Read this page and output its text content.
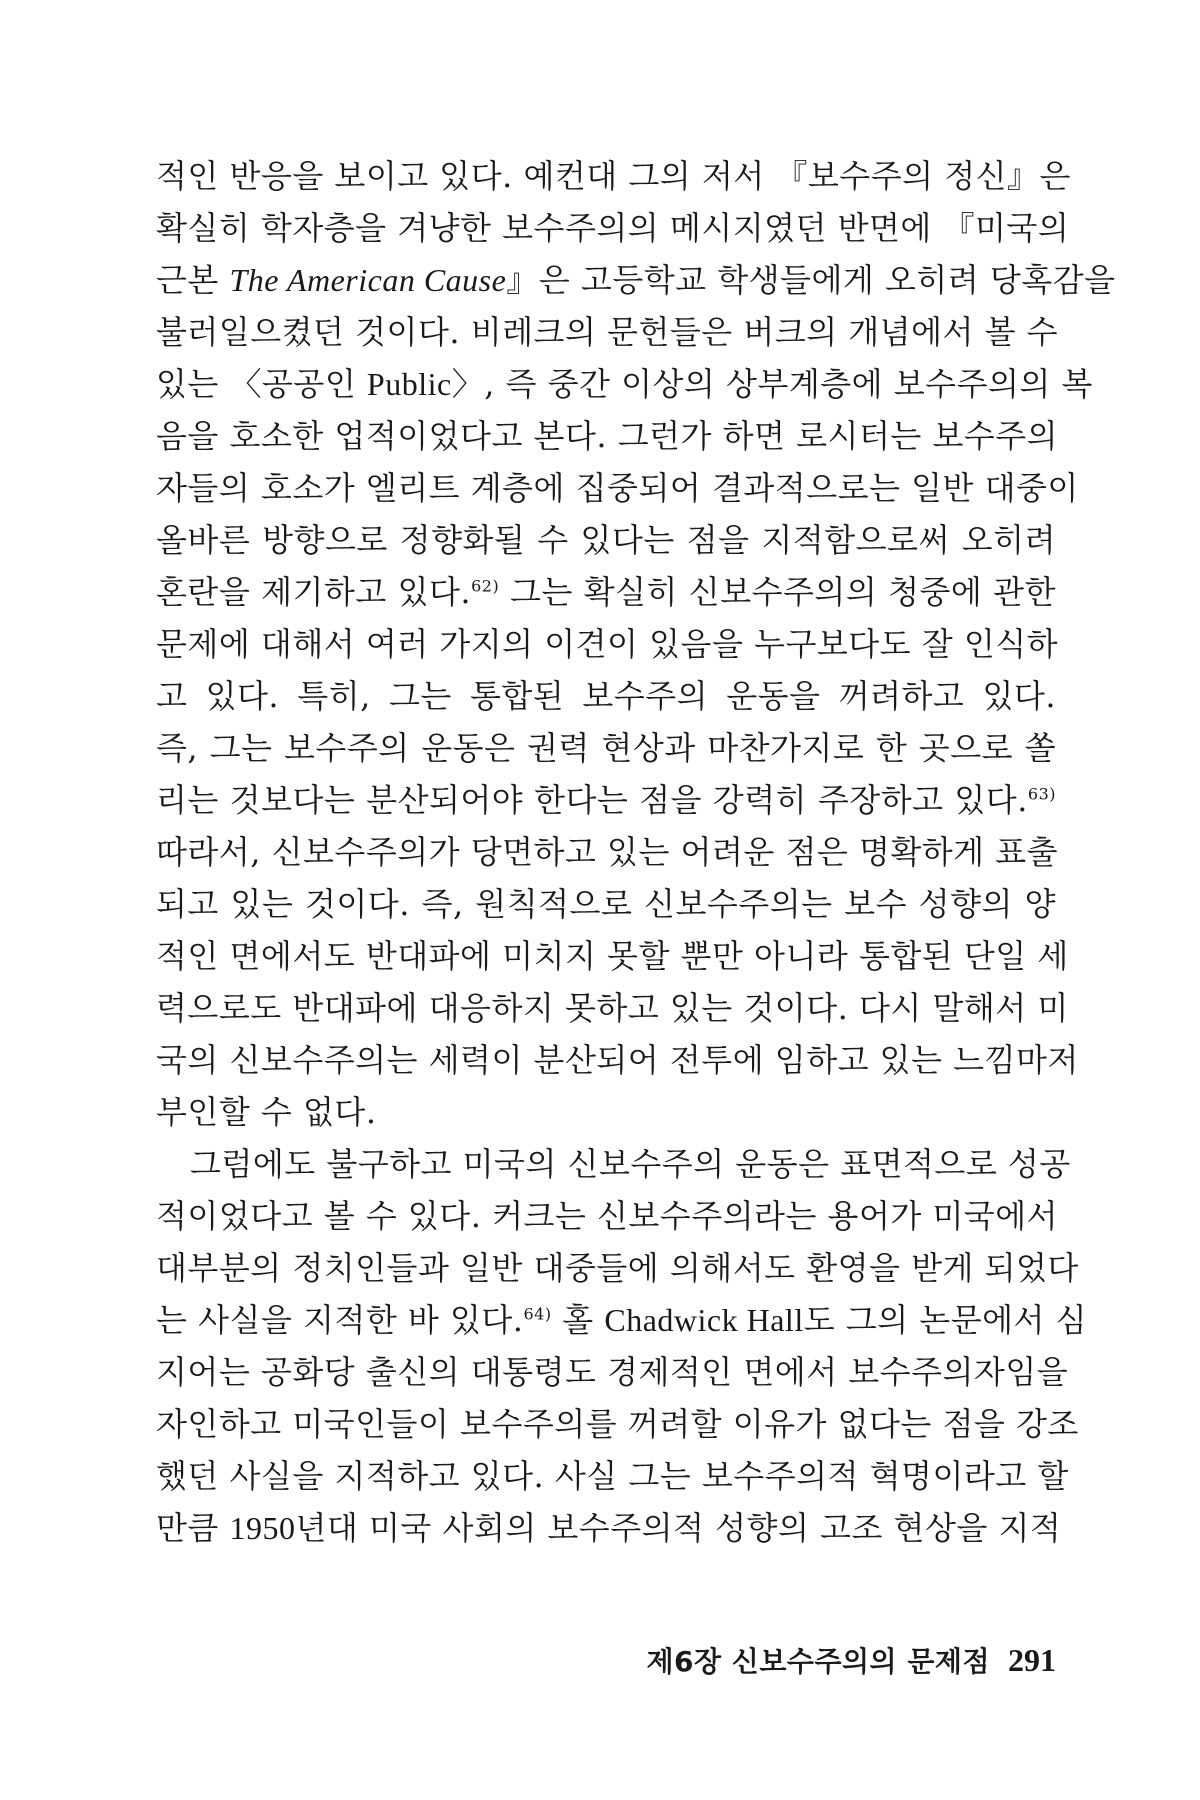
적인 반응을 보이고 있다. 예컨대 그의 저서 『보수주의 정신』은
확실히 학자층을 겨냥한 보수주의의 메시지였던 반면에 『미국의
근본 The American Cause』은 고등학교 학생들에게 오히려 당혹감을
불러일으켰던 것이다. 비레크의 문헌들은 버크의 개념에서 볼 수
있는 〈공공인 Public〉, 즉 중간 이상의 상부계층에 보수주의의 복
음을 호소한 업적이었다고 본다. 그런가 하면 로시터는 보수주의
자들의 호소가 엘리트 계층에 집중되어 결과적으로는 일반 대중이
올바른 방향으로 정향화될 수 있다는 점을 지적함으로써 오히려
혼란을 제기하고 있다.$^{62)}$ 그는 확실히 신보수주의의 청중에 관한
문제에 대해서 여러 가지의 이견이 있음을 누구보다도 잘 인식하
고 있다. 특히, 그는 통합된 보수주의 운동을 꺼려하고 있다.
즉, 그는 보수주의 운동은 권력 현상과 마찬가지로 한 곳으로 쏠
리는 것보다는 분산되어야 한다는 점을 강력히 주장하고 있다.$^{63)}$
따라서, 신보수주의가 당면하고 있는 어려운 점은 명확하게 표출
되고 있는 것이다. 즉, 원칙적으로 신보수주의는 보수 성향의 양
적인 면에서도 반대파에 미치지 못할 뿐만 아니라 통합된 단일 세
력으로도 반대파에 대응하지 못하고 있는 것이다. 다시 말해서 미
국의 신보수주의는 세력이 분산되어 전투에 임하고 있는 느낌마저
부인할 수 없다.
그럼에도 불구하고 미국의 신보수주의 운동은 표면적으로 성공
적이었다고 볼 수 있다. 커크는 신보수주의라는 용어가 미국에서
대부분의 정치인들과 일반 대중들에 의해서도 환영을 받게 되었다
는 사실을 지적한 바 있다.$^{64)}$ 홀 Chadwick Hall도 그의 논문에서 심
지어는 공화당 출신의 대통령도 경제적인 면에서 보수주의자임을
자인하고 미국인들이 보수주의를 꺼려할 이유가 없다는 점을 강조
했던 사실을 지적하고 있다. 사실 그는 보수주의적 혁명이라고 할
만큼 1950년대 미국 사회의 보수주의적 성향의 고조 현상을 지적
제6장 신보수주의의 문제점 291
